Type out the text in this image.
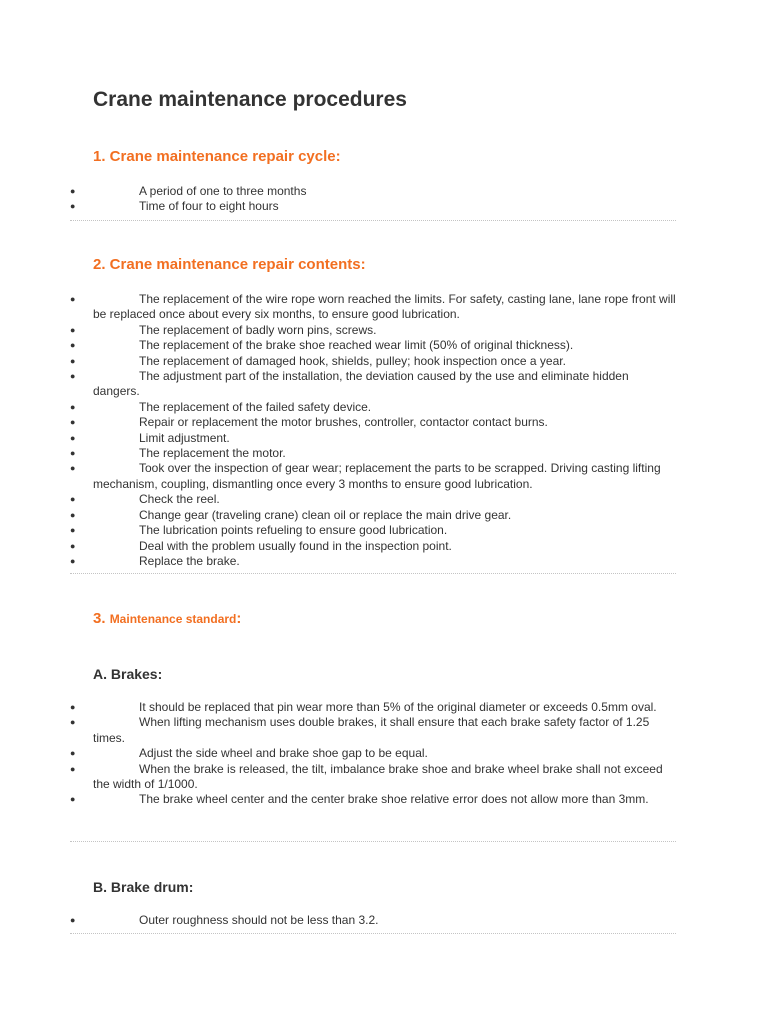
Crane maintenance procedures
1. Crane maintenance repair cycle:
●	A period of one to three months
●	Time of four to eight hours
2. Crane maintenance repair contents:
●	The replacement of the wire rope worn reached the limits. For safety, casting lane, lane rope front will be replaced once about every six months, to ensure good lubrication.
●	The replacement of badly worn pins, screws.
●	The replacement of the brake shoe reached wear limit (50% of original thickness).
●	The replacement of damaged hook, shields, pulley; hook inspection once a year.
●	The adjustment part of the installation, the deviation caused by the use and eliminate hidden dangers.
●	The replacement of the failed safety device.
●	Repair or replacement the motor brushes, controller, contactor contact burns.
●	Limit adjustment.
●	The replacement the motor.
●	Took over the inspection of gear wear; replacement the parts to be scrapped. Driving casting lifting mechanism, coupling, dismantling once every 3 months to ensure good lubrication.
●	Check the reel.
●	Change gear (traveling crane) clean oil or replace the main drive gear.
●	The lubrication points refueling to ensure good lubrication.
●	Deal with the problem usually found in the inspection point.
●	Replace the brake.
3. Maintenance standard:
A. Brakes:
●	It should be replaced that pin wear more than 5% of the original diameter or exceeds 0.5mm oval.
●	When lifting mechanism uses double brakes, it shall ensure that each brake safety factor of 1.25 times.
●	Adjust the side wheel and brake shoe gap to be equal.
●	When the brake is released, the tilt, imbalance brake shoe and brake wheel brake shall not exceed the width of 1/1000.
●	The brake wheel center and the center brake shoe relative error does not allow more than 3mm.
B. Brake drum:
●	Outer roughness should not be less than 3.2.
